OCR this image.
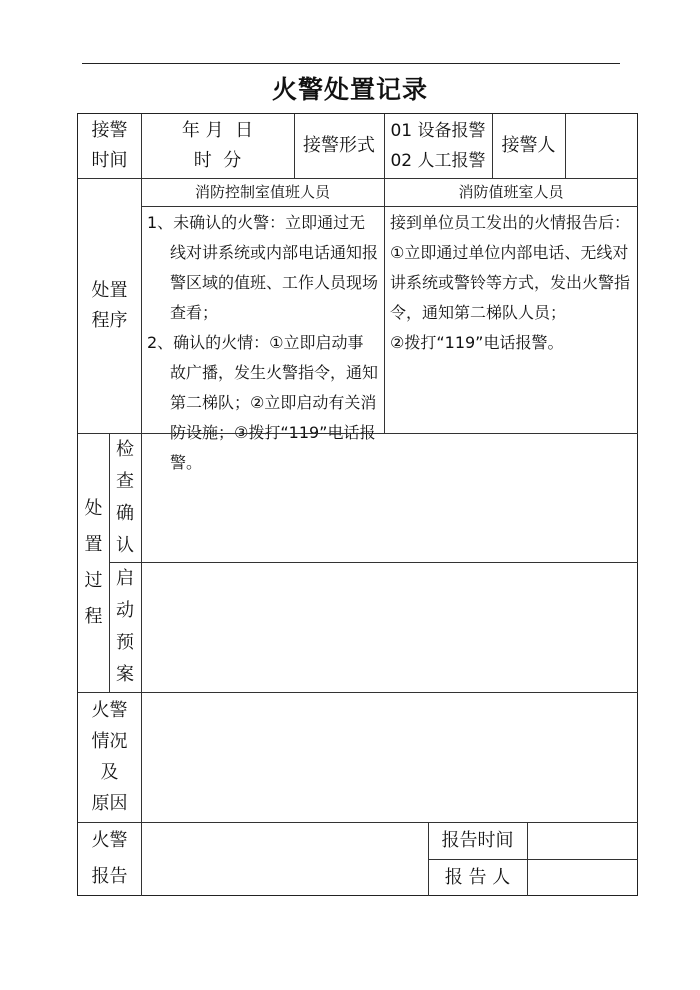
火警处置记录
接警
时间
年 月  日
时  分
接警形式
01 设备报警
02 人工报警
接警人
处置
程序
消防控制室值班人员	消防值班室人员

1、未确认的火警：立即通过无线对讲系统或内部电话通知报警区域的值班、工作人员现场查看；

2、确认的火情：①立即启动事故广播，发生火警指令，通知第二梯队；②立即启动有关消防设施；③拨打“119”电话报警。

接到单位员工发出的火情报告后：

①立即通过单位内部电话、无线对讲系统或警铃等方式，发出火警指令，通知第二梯队人员；

②拨打“119”电话报警。

处
置
过
程
检
查
确
认
启
动
预
案
火警
情况
及
原因
火警
报告
报告时间
报 告 人
